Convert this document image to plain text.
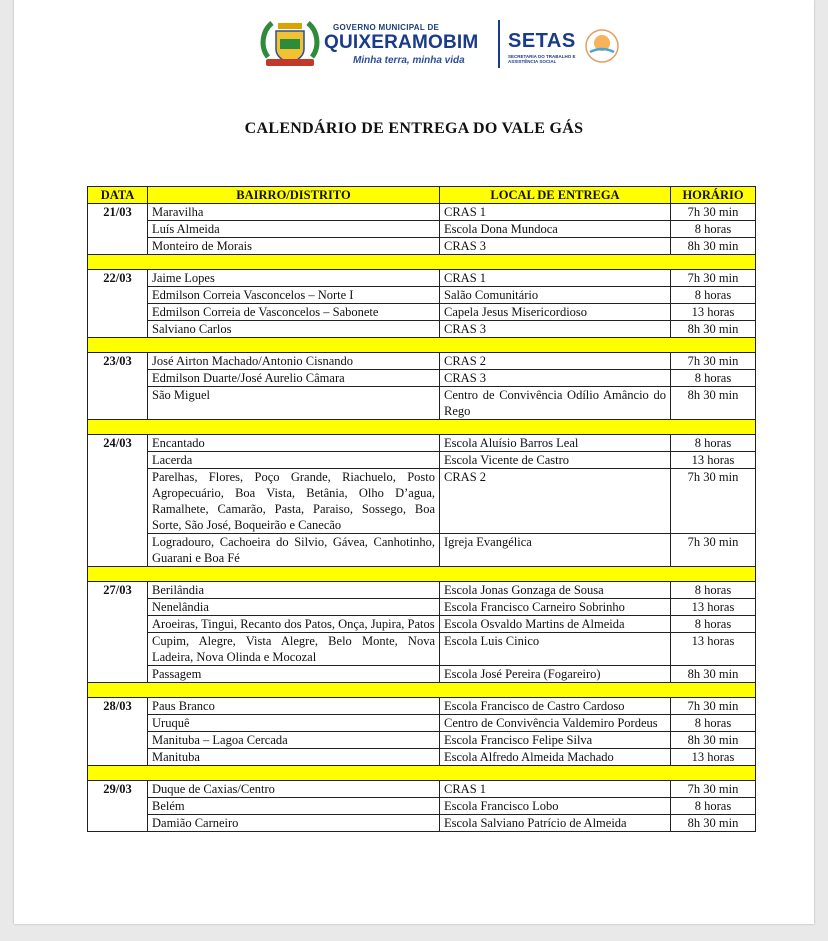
GOVERNO MUNICIPAL DE
QUIXERAMOBIM
Minha terra, minha vida
SETAS
SECRETARIA DO TRABALHO E ASSISTÊNCIA SOCIAL
CALENDÁRIO DE ENTREGA DO VALE GÁS
DATA	BAIRRO/DISTRITO	LOCAL DE ENTREGA	HORÁRIO
21/03	Maravilha	CRAS 1	7h 30 min
	Luís Almeida	Escola Dona Mundoca	8 horas
	Monteiro de Morais	CRAS 3	8h 30 min

22/03	Jaime Lopes	CRAS 1	7h 30 min
	Edmilson Correia Vasconcelos – Norte I	Salão Comunitário	8 horas
	Edmilson Correia de Vasconcelos – Sabonete	Capela Jesus Misericordioso	13 horas
	Salviano Carlos	CRAS 3	8h 30 min

23/03	José Airton Machado/Antonio Cisnando	CRAS 2	7h 30 min
	Edmilson Duarte/José Aurelio Câmara	CRAS 3	8 horas
	São Miguel	Centro de Convivência Odílio Amâncio do Rego	8h 30 min

24/03	Encantado	Escola Aluísio Barros Leal	8 horas
	Lacerda	Escola Vicente de Castro	13 horas
	Parelhas, Flores, Poço Grande, Riachuelo, Posto Agropecuário, Boa Vista, Betânia, Olho D’agua, Ramalhete, Camarão, Pasta, Paraiso, Sossego, Boa Sorte, São José, Boqueirão e Canecão	CRAS 2	7h 30 min
	Logradouro, Cachoeira do Silvio, Gávea, Canhotinho, Guarani e Boa Fé	Igreja Evangélica	7h 30 min

27/03	Berilândia	Escola Jonas Gonzaga de Sousa	8 horas
	Nenelândia	Escola Francisco Carneiro Sobrinho	13 horas
	Aroeiras, Tingui, Recanto dos Patos, Onça, Jupira, Patos	Escola Osvaldo Martins de Almeida	8 horas
	Cupim, Alegre, Vista Alegre, Belo Monte, Nova Ladeira, Nova Olinda e Mocozal	Escola Luis Cinico	13 horas
	Passagem	Escola José Pereira (Fogareiro)	8h 30 min

28/03	Paus Branco	Escola Francisco de Castro Cardoso	7h 30 min
	Uruquê	Centro de Convivência Valdemiro Pordeus	8 horas
	Manituba – Lagoa Cercada	Escola Francisco Felipe Silva	8h 30 min
	Manituba	Escola Alfredo Almeida Machado	13 horas

29/03	Duque de Caxias/Centro	CRAS 1	7h 30 min
	Belém	Escola Francisco Lobo	8 horas
	Damião Carneiro	Escola Salviano Patrício de Almeida	8h 30 min
